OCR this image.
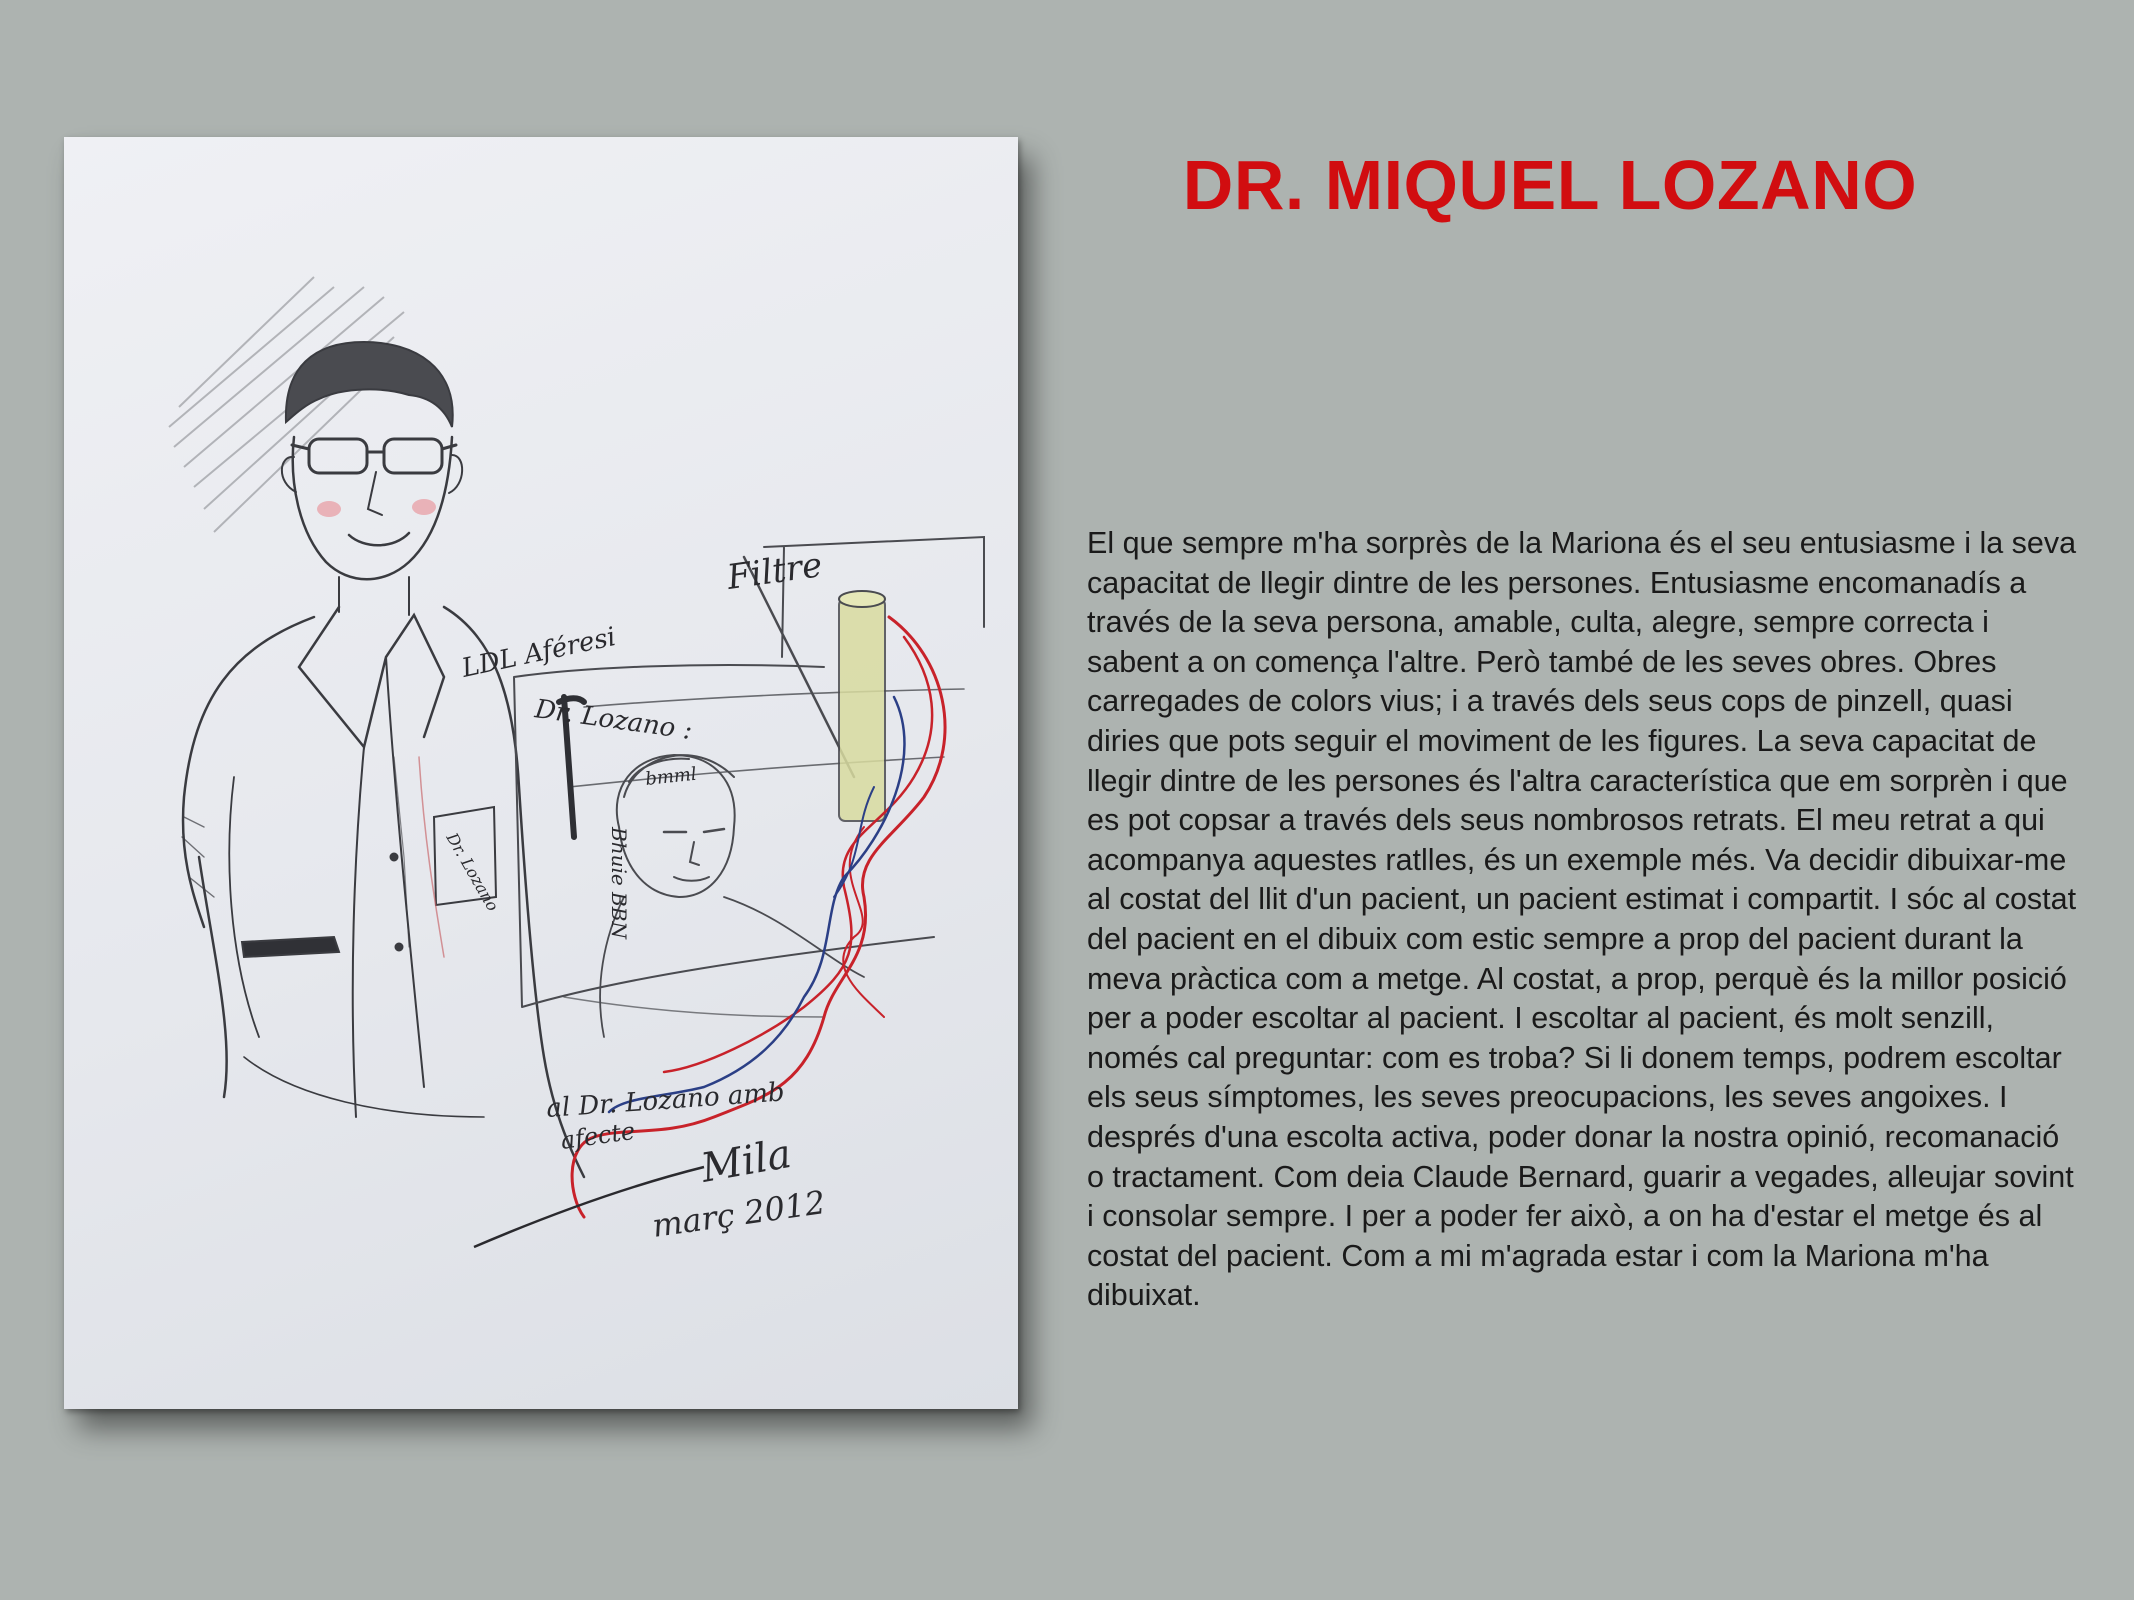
Filtre
LDL Aféresi
Dr. Lozano :
bmml
Bhuie BBN
Dr. Lozano
al Dr. Lozano amb
afecte Mila
març 2012
DR. MIQUEL LOZANO

El que sempre m'ha sorprès de la Mariona és el seu entusiasme i la seva capacitat de llegir dintre de les persones. Entusiasme encomanadís a través de la seva persona, amable, culta, alegre, sempre correcta i sabent a on comença l'altre. Però també de les seves obres. Obres carregades de colors vius; i a través dels seus cops de pinzell, quasi diries que pots seguir el moviment de les figures. La seva capacitat de llegir dintre de les persones és l'altra característica que em sorprèn i que es pot copsar a través dels seus nombrosos retrats. El meu retrat a qui acompanya aquestes ratlles, és un exemple més. Va decidir dibuixar-me al costat del llit d'un pacient, un pacient estimat i compartit. I sóc al costat del pacient en el dibuix com estic sempre a prop del pacient durant la meva pràctica com a metge. Al costat, a prop, perquè és la millor posició per a poder escoltar al pacient. I escoltar al pacient, és molt senzill, només cal preguntar: com es troba? Si li donem temps, podrem escoltar els seus símptomes, les seves preocupacions, les seves angoixes. I després d'una escolta activa, poder donar la nostra opinió, recomanació o tractament. Com deia Claude Bernard, guarir a vegades, alleujar sovint i consolar sempre. I per a poder fer això, a on ha d'estar el metge és al costat del pacient. Com a mi m'agrada estar i com la Mariona m'ha dibuixat.
